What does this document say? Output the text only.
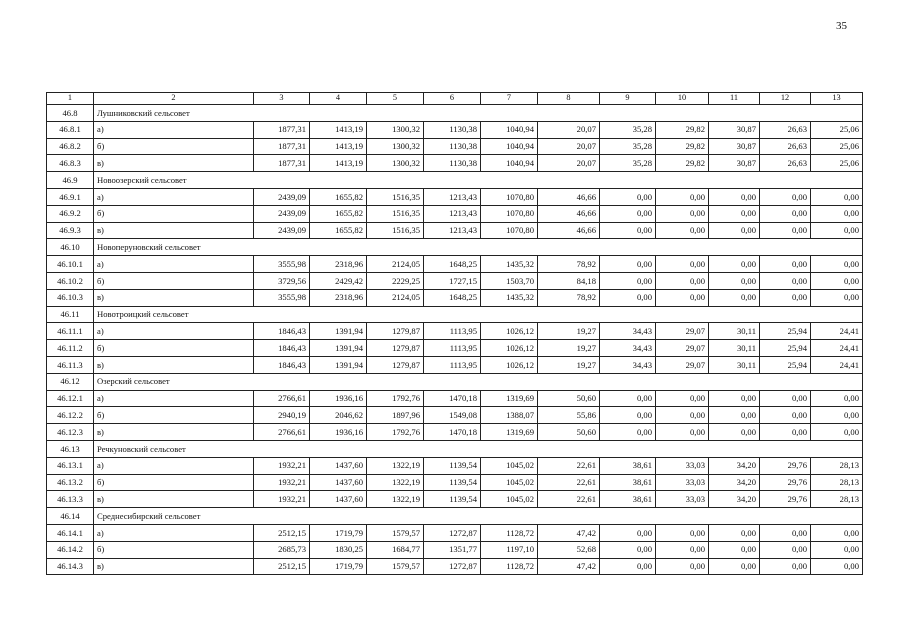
35
1	2	3	4	5	6	7	8	9	10	11	12	13
46.8	Лушниковский сельсовет											
46.8.1	а)	1877,31	1413,19	1300,32	1130,38	1040,94	20,07	35,28	29,82	30,87	26,63	25,06
46.8.2	б)	1877,31	1413,19	1300,32	1130,38	1040,94	20,07	35,28	29,82	30,87	26,63	25,06
46.8.3	в)	1877,31	1413,19	1300,32	1130,38	1040,94	20,07	35,28	29,82	30,87	26,63	25,06
46.9	Новоозерский сельсовет											
46.9.1	а)	2439,09	1655,82	1516,35	1213,43	1070,80	46,66	0,00	0,00	0,00	0,00	0,00
46.9.2	б)	2439,09	1655,82	1516,35	1213,43	1070,80	46,66	0,00	0,00	0,00	0,00	0,00
46.9.3	в)	2439,09	1655,82	1516,35	1213,43	1070,80	46,66	0,00	0,00	0,00	0,00	0,00
46.10	Новоперуновский сельсовет											
46.10.1	а)	3555,98	2318,96	2124,05	1648,25	1435,32	78,92	0,00	0,00	0,00	0,00	0,00
46.10.2	б)	3729,56	2429,42	2229,25	1727,15	1503,70	84,18	0,00	0,00	0,00	0,00	0,00
46.10.3	в)	3555,98	2318,96	2124,05	1648,25	1435,32	78,92	0,00	0,00	0,00	0,00	0,00
46.11	Новотроицкий сельсовет											
46.11.1	а)	1846,43	1391,94	1279,87	1113,95	1026,12	19,27	34,43	29,07	30,11	25,94	24,41
46.11.2	б)	1846,43	1391,94	1279,87	1113,95	1026,12	19,27	34,43	29,07	30,11	25,94	24,41
46.11.3	в)	1846,43	1391,94	1279,87	1113,95	1026,12	19,27	34,43	29,07	30,11	25,94	24,41
46.12	Озерский сельсовет											
46.12.1	а)	2766,61	1936,16	1792,76	1470,18	1319,69	50,60	0,00	0,00	0,00	0,00	0,00
46.12.2	б)	2940,19	2046,62	1897,96	1549,08	1388,07	55,86	0,00	0,00	0,00	0,00	0,00
46.12.3	в)	2766,61	1936,16	1792,76	1470,18	1319,69	50,60	0,00	0,00	0,00	0,00	0,00
46.13	Речкуновский сельсовет											
46.13.1	а)	1932,21	1437,60	1322,19	1139,54	1045,02	22,61	38,61	33,03	34,20	29,76	28,13
46.13.2	б)	1932,21	1437,60	1322,19	1139,54	1045,02	22,61	38,61	33,03	34,20	29,76	28,13
46.13.3	в)	1932,21	1437,60	1322,19	1139,54	1045,02	22,61	38,61	33,03	34,20	29,76	28,13
46.14	Среднесибирский сельсовет											
46.14.1	а)	2512,15	1719,79	1579,57	1272,87	1128,72	47,42	0,00	0,00	0,00	0,00	0,00
46.14.2	б)	2685,73	1830,25	1684,77	1351,77	1197,10	52,68	0,00	0,00	0,00	0,00	0,00
46.14.3	в)	2512,15	1719,79	1579,57	1272,87	1128,72	47,42	0,00	0,00	0,00	0,00	0,00
